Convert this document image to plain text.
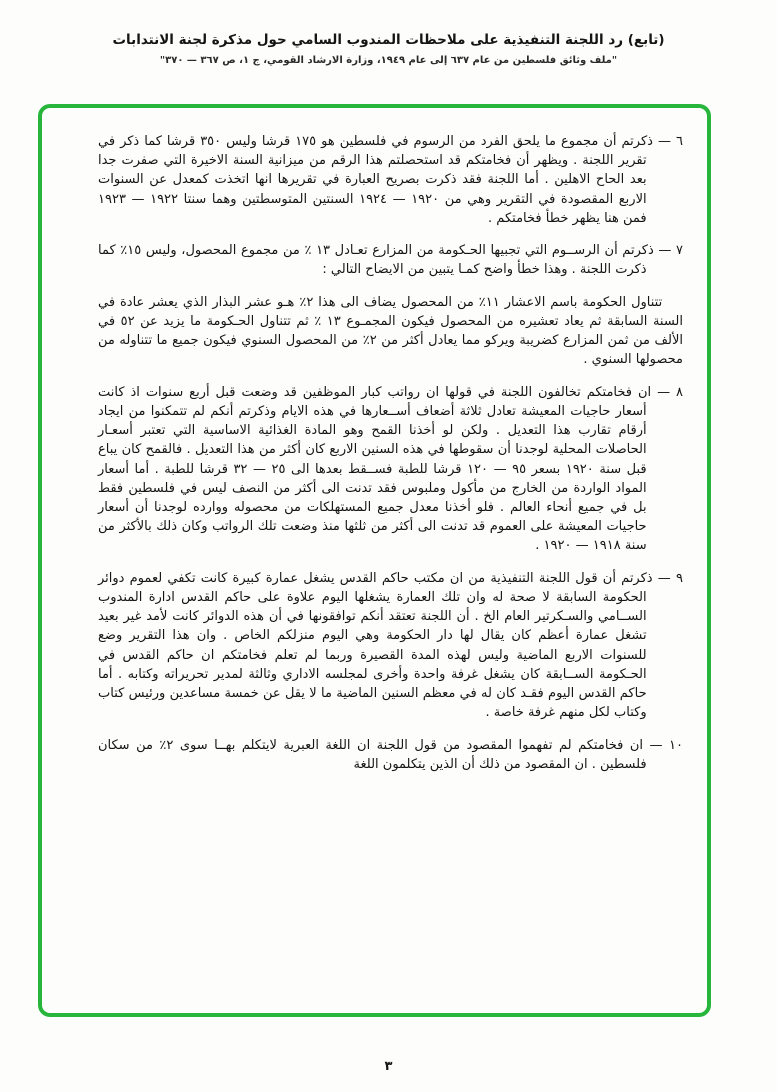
(تابع) رد اللجنة التنفيذية على ملاحظات المندوب السامي حول مذكرة لجنة الانتدابات
"ملف وثائق فلسطين من عام ٦٣٧ إلى عام ١٩٤٩، وزارة الارشاد القومي، ج ١، ص ٣٦٧ — ٣٧٠"
٦ — ذكرتم أن مجموع ما يلحق الفرد من الرسوم في فلسطين هو ١٧٥ قرشا وليس ٣٥٠ قرشا كما ذكر في تقرير اللجنة . ويظهر أن فخامتكم قد استحصلتم هذا الرقم من ميزانية السنة الاخيرة التي صفرت جدا بعد الحاح الاهلين . أما اللجنة فقد ذكرت بصريح العبارة في تقريرها انها اتخذت كمعدل عن السنوات الاربع المقصودة في التقرير وهي من ١٩٢٠ — ١٩٢٤ السنتين المتوسطتين وهما سنتا ١٩٢٢ — ١٩٢٣ فمن هنا يظهر خطأ فخامتكم .
٧ — ذكرتم أن الرســوم التي تجبيها الحـكومة من المزارع تعـادل ١٣ ٪ من مجموع المحصول، وليس ١٥٪ كما ذكرت اللجنة . وهذا خطأ واضح كمـا يتبين من الايضاح التالي :
تتناول الحكومة باسم الاعشار ١١٪ من المحصول يضاف الى هذا ٢٪ هـو عشر البذار الذي يعشر عادة في السنة السابقة ثم يعاد تعشيره من المحصول فيكون المجمـوع ١٣ ٪ ثم تتناول الحـكومة ما يزيد عن ٥٢ في الألف من ثمن المزارع كضريبة ويركو مما يعادل أكثر من ٢٪ من المحصول السنوي فيكون جميع ما تتناوله من محصولها السنوي .
٨ — ان فخامتكم تخالفون اللجنة في قولها ان رواتب كبار الموظفين قد وضعت قبل أربع سنوات اذ كانت أسعار حاجيات المعيشة تعادل ثلاثة أضعاف أســعارها في هذه الايام وذكرتم أنكم لم تتمكنوا من ايجاد أرقام تقارب هذا التعديل . ولكن لو أخذنا القمح وهو المادة الغذائية الاساسية التي تعتبر أسعـار الحاصلات المحلية لوجدنا أن سقوطها في هذه السنين الاربع كان أكثر من هذا التعديل . فالقمح كان يباع قبل سنة ١٩٢٠ بسعر ٩٥ — ١٢٠ قرشا للطبة فســقط بعدها الى ٢٥ — ٣٢ قرشا للطبة . أما أسعار المواد الواردة من الخارج من مأكول وملبوس فقد تدنت الى أكثر من النصف ليس في فلسطين فقط بل في جميع أنحاء العالم . فلو أخذنا معدل جميع المستهلكات من محصوله ووارده لوجدنا أن أسعار حاجيات المعيشة على العموم قد تدنت الى أكثر من ثلثها منذ وضعت تلك الرواتب وكان ذلك بالأكثر من سنة ١٩١٨ — ١٩٢٠ .
٩ — ذكرتم أن قول اللجنة التنفيذية من ان مكتب حاكم القدس يشغل عمارة كبيرة كانت تكفي لعموم دوائر الحكومة السابقة لا صحة له وان تلك العمارة يشغلها اليوم علاوة على حاكم القدس ادارة المندوب الســامي والسـكرتير العام الخ . أن اللجنة تعتقد أنكم توافقونها في أن هذه الدوائر كانت لأمد غير بعيد تشغل عمارة أعظم كان يقال لها دار الحكومة وهي اليوم منزلكم الخاص . وان هذا التقرير وضع للسنوات الاربع الماضية وليس لهذه المدة القصيرة وربما لم تعلم فخامتكم ان حاكم القدس في الحـكومة الســابقة كان يشغل غرفة واحدة وأخرى لمجلسه الاداري وثالثة لمدير تحريراته وكتابه . أما حاكم القدس اليوم فقـد كان له في معظم السنين الماضية ما لا يقل عن خمسة مساعدين ورئيس كتاب وكتاب لكل منهم غرفة خاصة .
١٠ — ان فخامتكم لم تفهموا المقصود من قول اللجنة ان اللغة العبرية لايتكلم بهــا سوى ٢٪ من سكان فلسطين . ان المقصود من ذلك أن الذين يتكلمون اللغة
٣
